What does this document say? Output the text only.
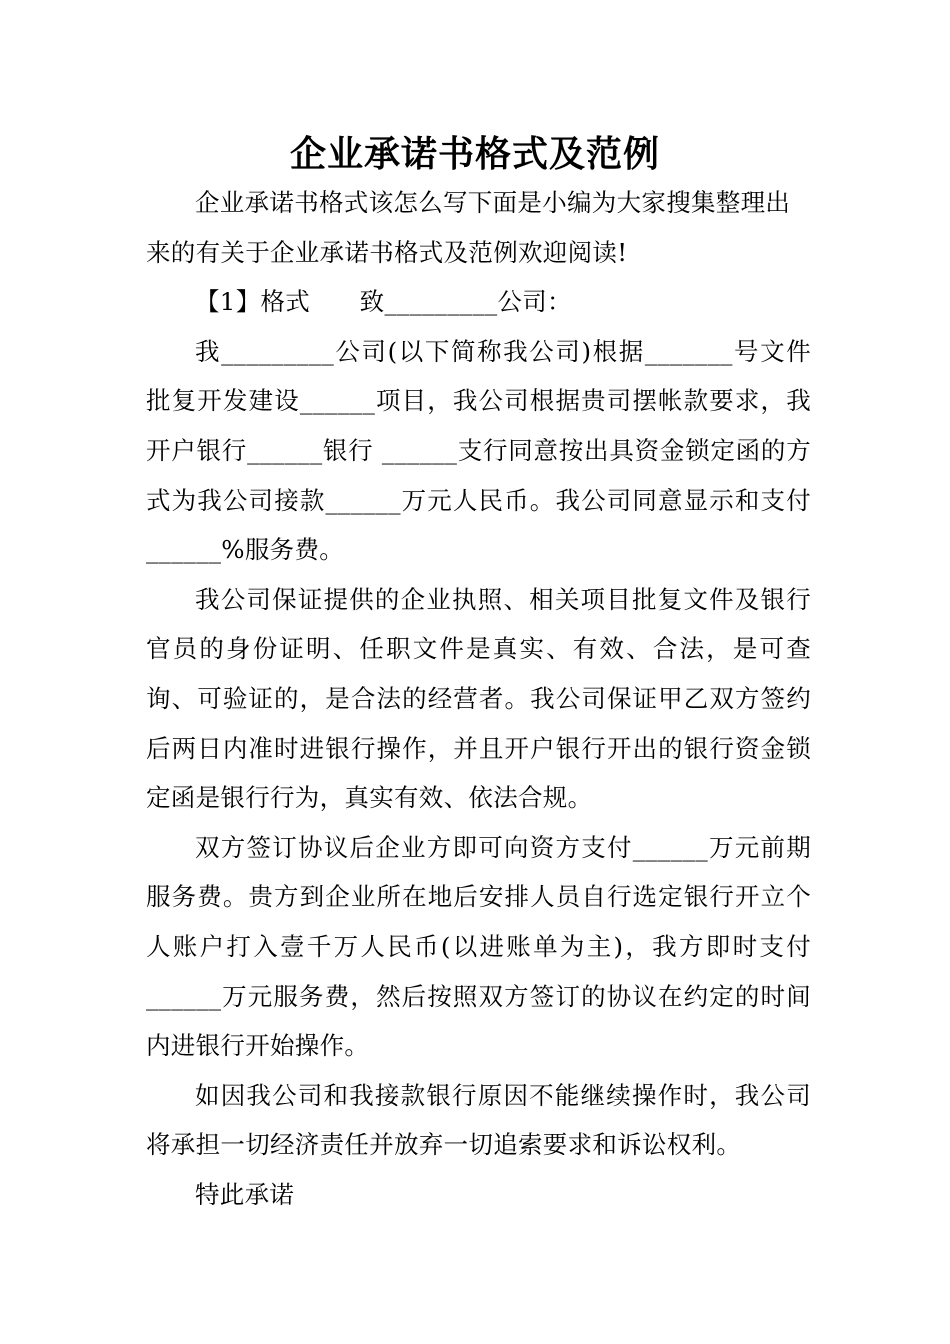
企业承诺书格式及范例

企业承诺书格式该怎么写下面是小编为大家搜集整理出来的有关于企业承诺书格式及范例欢迎阅读!

【1】格式　　致_________公司：

我_________公司(以下简称我公司)根据_______号文件批复开发建设______项目，我公司根据贵司摆帐款要求，我开户银行______银行 ______支行同意按出具资金锁定函的方式为我公司接款______万元人民币。我公司同意显示和支付______%服务费。

我公司保证提供的企业执照、相关项目批复文件及银行官员的身份证明、任职文件是真实、有效、合法，是可查询、可验证的，是合法的经营者。我公司保证甲乙双方签约后两日内准时进银行操作，并且开户银行开出的银行资金锁定函是银行行为，真实有效、依法合规。

双方签订协议后企业方即可向资方支付______万元前期服务费。贵方到企业所在地后安排人员自行选定银行开立个人账户打入壹千万人民币(以进账单为主)，我方即时支付______万元服务费，然后按照双方签订的协议在约定的时间内进银行开始操作。

如因我公司和我接款银行原因不能继续操作时，我公司将承担一切经济责任并放弃一切追索要求和诉讼权利。

特此承诺
